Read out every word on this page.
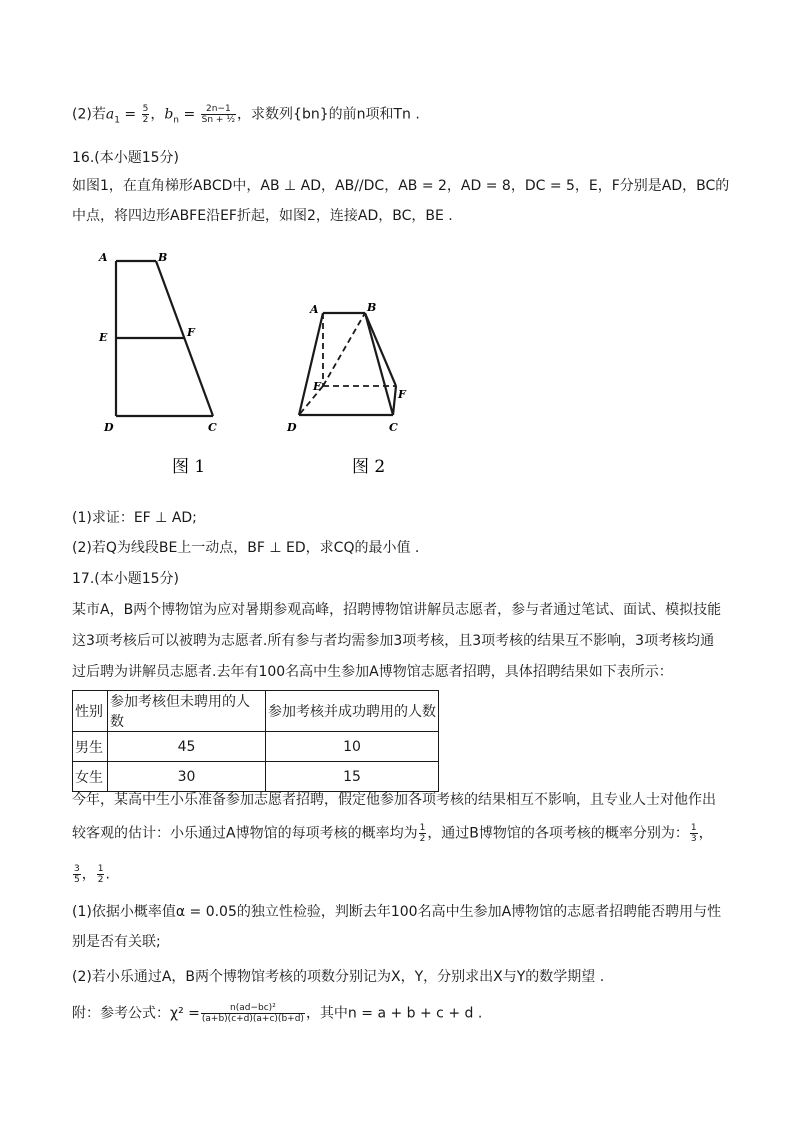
(2)若$a_1 = \frac{5}{2}$ ，$b_n = \frac{2n-1}{\text{Sn + ½}}$ ，求数列{bn}的前n项和Tn .
16.(本小题15分)
如图1，在直角梯形ABCD中，AB ⊥ AD，AB//DC，AB = 2，AD = 8，DC = 5，E，F分别是AD，BC的
中点，将四边形ABFE沿EF折起，如图2，连接AD，BC，BE .
A	B
E	F
D	C
图 1
A	B
E
F
D	C
图 2
(1)求证：EF ⊥ AD;
(2)若Q为线段BE上一动点，BF ⊥ ED，求CQ的最小值 .
17.(本小题15分)
某市A，B两个博物馆为应对暑期参观高峰，招聘博物馆讲解员志愿者，参与者通过笔试、面试、模拟技能
这3项考核后可以被聘为志愿者.所有参与者均需参加3项考核，且3项考核的结果互不影响，3项考核均通
过后聘为讲解员志愿者.去年有100名高中生参加A博物馆志愿者招聘，具体招聘结果如下表所示：
性别	参加考核但未聘用的人数	参加考核并成功聘用的人数
男生	45	10
女生	30	15
今年，某高中生小乐准备参加志愿者招聘，假定他参加各项考核的结果相互不影响，且专业人士对他作出
较客观的估计：小乐通过A博物馆的每项考核的概率均为 $\frac{1}{2}$ ，通过B博物馆的各项考核的概率分别为： $\frac{1}{3}$ ，
$\frac{3}{5}$ ， $\frac{1}{2}$ .
(1)依据小概率值α = 0.05的独立性检验，判断去年100名高中生参加A博物馆的志愿者招聘能否聘用与性
别是否有关联;
(2)若小乐通过A，B两个博物馆考核的项数分别记为X，Y，分别求出X与Y的数学期望 .
附：参考公式：$\chi^2 = \frac{\text{n(ad−bc)²}}{(a+b)(c+d)(a+c)(b+d)}$ ，其中n = a + b + c + d .
